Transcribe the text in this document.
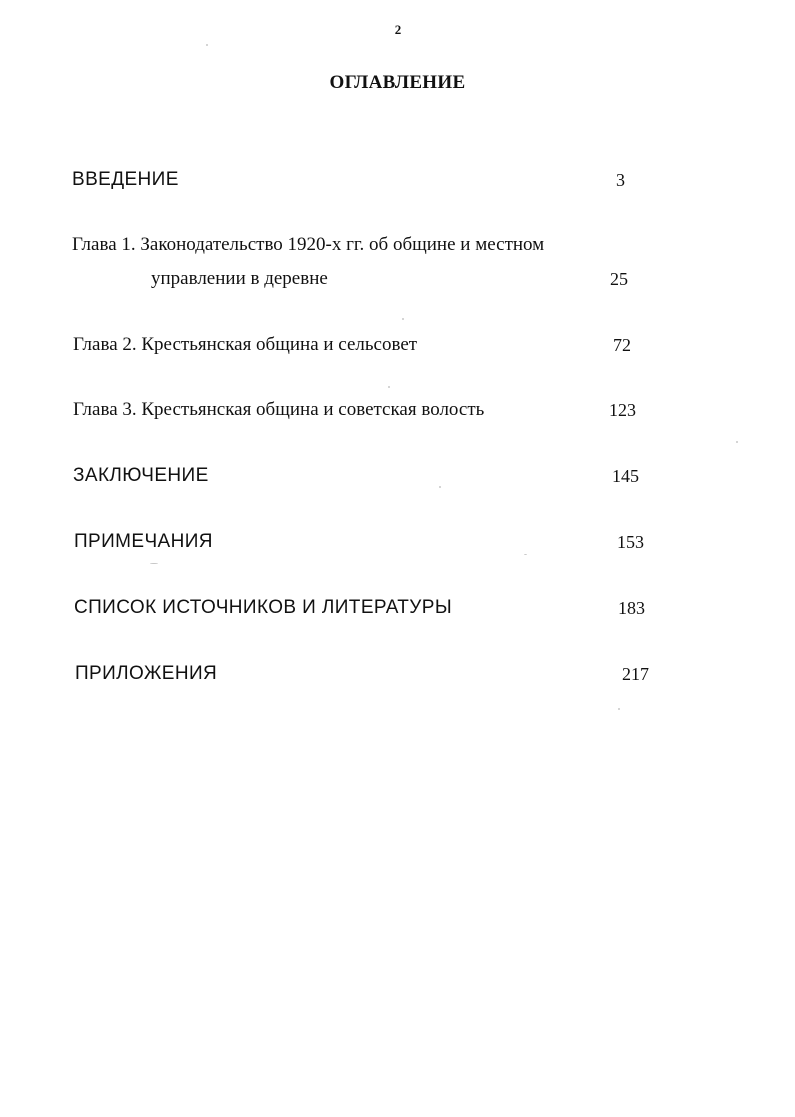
2
ОГЛАВЛЕНИЕ
ВВЕДЕНИЕ	3
Глава 1. Законодательство 1920-х гг. об общине и местном
управлении в деревне	25
Глава 2. Крестьянская община и сельсовет	72
Глава 3. Крестьянская община и советская волость	123
ЗАКЛЮЧЕНИЕ	145
ПРИМЕЧАНИЯ	153
СПИСОК ИСТОЧНИКОВ И ЛИТЕРАТУРЫ	183
ПРИЛОЖЕНИЯ	217
